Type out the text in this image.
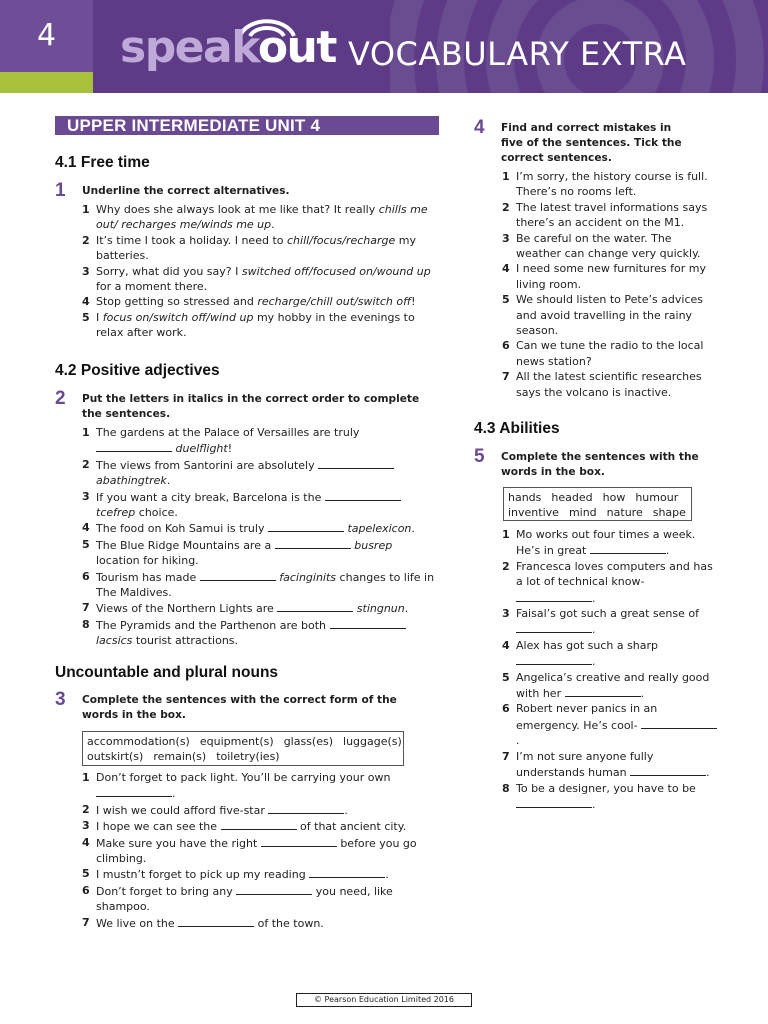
4	speakout VOCABULARY EXTRA
UPPER INTERMEDIATE UNIT 4
4.1 Free time
1 Underline the correct alternatives.
1 Why does she always look at me like that? It really chills me out/ recharges me/winds me up.
2 It’s time I took a holiday. I need to chill/focus/recharge my batteries.
3 Sorry, what did you say? I switched off/focused on/wound up for a moment there.
4 Stop getting so stressed and recharge/chill out/switch off!
5 I focus on/switch off/wind up my hobby in the evenings to relax after work.
4.2 Positive adjectives
2 Put the letters in italics in the correct order to complete the sentences.
1 The gardens at the Palace of Versailles are truly  duelflight!
2 The views from Santorini are absolutely  abathingtrek.
3 If you want a city break, Barcelona is the  tcefrep choice.
4 The food on Koh Samui is truly	tapelexicon.
5 The Blue Ridge Mountains are a	busrep location for hiking.
6 Tourism has made	facinginits changes to life in The Maldives.
7 Views of the Northern Lights are	stingnun.
8 The Pyramids and the Parthenon are both  lacsics tourist attractions.
Uncountable and plural nouns
3 Complete the sentences with the correct form of the words in the box.
accommodation(s) equipment(s) glass(es) luggage(s)
outskirt(s) remain(s) toiletry(ies)
1 Don’t forget to pack light. You’ll be carrying your own .
2 I wish we could afford five-star	.
3 I hope we can see the	of that ancient city.
4 Make sure you have the right	before you go climbing.
5 I mustn’t forget to pick up my reading	.
6 Don’t forget to bring any	you need, like shampoo.
7 We live on the	of the town.
4 Find and correct mistakes in five of the sentences. Tick the correct sentences.
1 I’m sorry, the history course is full. There’s no rooms left.
2 The latest travel informations says there’s an accident on the M1.
3 Be careful on the water. The weather can change very quickly.
4 I need some new furnitures for my living room.
5 We should listen to Pete’s advices and avoid travelling in the rainy season.
6 Can we tune the radio to the local news station?
7 All the latest scientific researches says the volcano is inactive.
4.3 Abilities
5 Complete the sentences with the words in the box.
hands headed how humour
inventive mind nature shape
1 Mo works out four times a week. He’s in great	.
2 Francesca loves computers and has a lot of technical know- .
3 Faisal’s got such a great sense of .
4 Alex has got such a sharp .
5 Angelica’s creative and really good with her	.
6 Robert never panics in an emergency. He’s cool- .
7 I’m not sure anyone fully understands human	.
8 To be a designer, you have to be .
© Pearson Education Limited 2016
